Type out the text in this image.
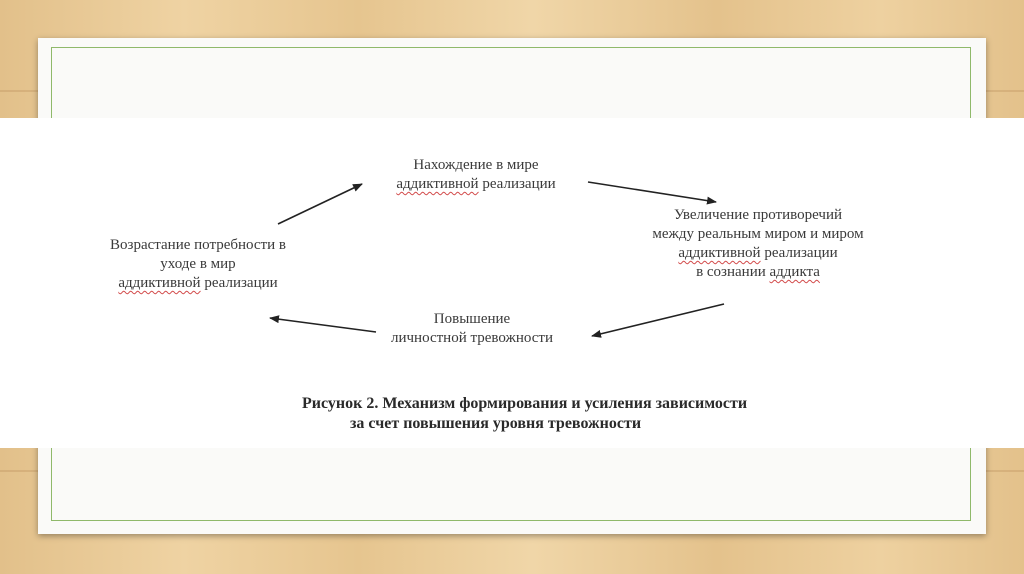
Нахождение в мире
аддиктивной реализации
Увеличение противоречий
между реальным миром и миром
аддиктивной реализации
в сознании аддикта
Повышение
личностной тревожности
Возрастание потребности в
уходе в мир
аддиктивной реализации
Рисунок 2. Механизм формирования и усиления зависимости
за счет повышения уровня тревожности
